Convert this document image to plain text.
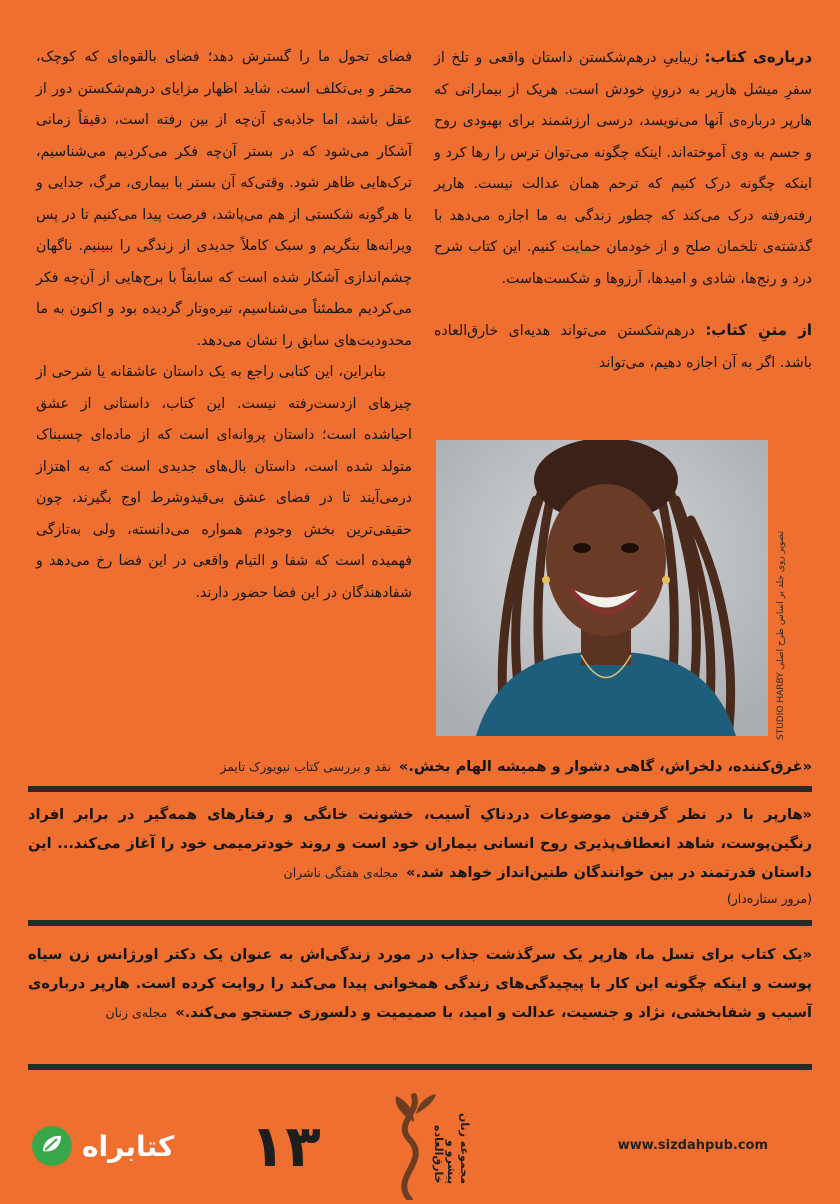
درباره‌ی کتاب: زیباییِ درهم‌شکستن داستان واقعی و تلخ از سفرِ میشل هارپر به درونِ خودش است. هریک از بیمارانی که هارپر درباره‌ی آنها می‌نویسد، درسی ارزشمند برای بهبودی روح و جسم به وی آموخته‌اند. اینکه چگونه می‌توان ترس را رها کرد و اینکه چگونه درک کنیم که ترحم همان عدالت نیست. هارپر رفته‌رفته درک می‌کند که چطور زندگی به ما اجازه می‌دهد با گذشته‌ی تلخمان صلح و از خودمان حمایت کنیم. این کتاب شرح درد و رنج‌ها، شادی و امیدها، آرزوها و شکست‌هاست.

از متنِ کتاب: درهم‌شکستن می‌تواند هدیه‌ای خارق‌العاده باشد. اگر به آن اجازه دهیم، می‌تواند

فضای تحول ما را گسترش دهد؛ فضای بالقوه‌ای که کوچک، محقر و بی‌تکلف است. شاید اظهار مزایای درهم‌شکستن دور از عقل باشد، اما جاذبه‌ی آن‌چه از بین رفته است، دقیقاً زمانی آشکار می‌شود که در بستر آن‌چه فکر می‌کردیم می‌شناسیم، ترک‌هایی ظاهر شود. وقتی‌که آن بستر با بیماری، مرگ، جدایی و یا هرگونه شکستی از هم می‌پاشد، فرصت پیدا می‌کنیم تا در پس ویرانه‌ها بنگریم و سبک کاملاً جدیدی از زندگی را ببینیم. ناگهان چشم‌اندازی آشکار شده است که سابقاً با برج‌هایی از آن‌چه فکر می‌کردیم مطمئناً می‌شناسیم، تیره‌وتار گردیده بود و اکنون به ما محدودیت‌های سابق را نشان می‌دهد.

بنابراین، این کتابی راجع به یک داستان عاشقانه یا شرحی از چیزهای ازدست‌رفته نیست. این کتاب، داستانی از عشق احیاشده است؛ داستان پروانه‌ای است که از ماده‌ای چسبناک متولد شده است، داستان بال‌های جدیدی است که به اهتزاز درمی‌آیند تا در فضای عشق بی‌قیدوشرط اوج بگیرند، چون حقیقی‌ترین بخش وجودم همواره می‌دانسته، ولی به‌تازگی فهمیده است که شفا و التیام واقعی در این فضا رخ می‌دهد و شفادهندگان در این فضا حضور دارند.

تصویر روی جلد بر اساس طرح اصلی STUDIO HARBY
«غرق‌کننده، دلخراش، گاهی دشوار و همیشه الهام بخش.»نقد و بررسی کتاب نیویورک تایمز
«هارپر با در نظر گرفتن موضوعات دردناکِ آسیب، خشونت خانگی و رفتارهای همه‌گیر در برابر افراد رنگین‌پوست، شاهد انعطاف‌پذیری روح انسانی بیماران خود است و روند خودترمیمی خود را آغاز می‌کند... این داستان قدرتمند در بین خوانندگان طنین‌انداز خواهد شد.»مجله‌ی هفتگی ناشران
(مرور ستاره‌دار)
«یک کتاب برای نسل ما، هارپر یک سرگذشت جذاب در مورد زندگی‌اش به عنوان یک دکتر اورژانس زن سیاه پوست و اینکه چگونه این کار با پیچیدگی‌های زندگی همخوانی پیدا می‌کند را روایت کرده است. هارپر درباره‌ی آسیب و شفابخشی، نژاد و جنسیت، عدالت و امید، با صمیمیت و دلسوزی جستجو می‌کند.»مجله‌ی زنان
www.sizdahpub.com
مجموعه زنان پیشرو و خارق‌العاده
۱۳
کتابراه
